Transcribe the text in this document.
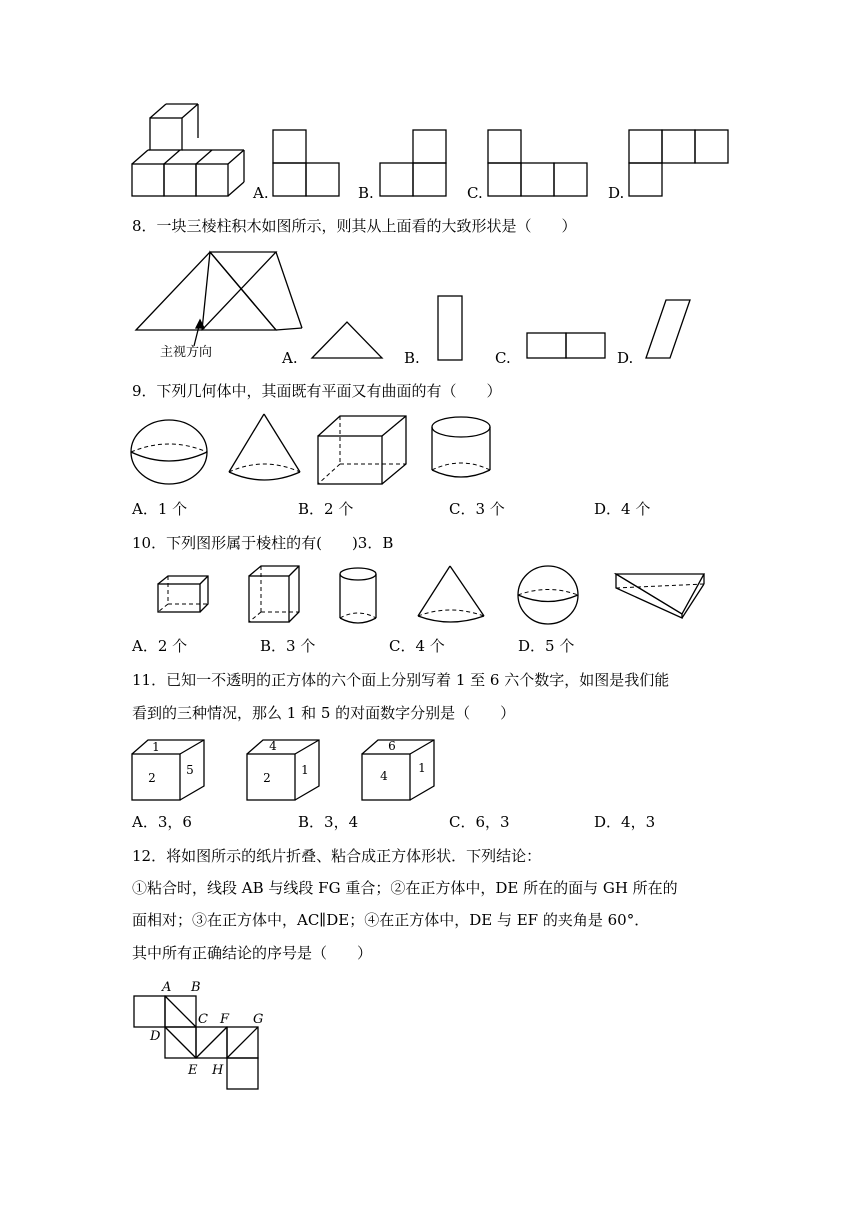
A.	B.	C.	D.
8．一块三棱柱积木如图所示，则其从上面看的大致形状是（　　）
主视方向	A.	B.	C.	D.
9．下列几何体中，其面既有平面又有曲面的有（　　）
A．1 个	B．2 个	C．3 个	D．4 个
10．下列图形属于棱柱的有(　　)3．B
A．2 个	B．3 个	C．4 个	D．5 个
11．已知一不透明的正方体的六个面上分别写着 1 至 6 六个数字，如图是我们能
看到的三种情况，那么 1 和 5 的对面数字分别是（　　）
1
2
5
4
2
1
6
4
1
A．3，6	B．3，4	C．6，3	D．4，3
12．将如图所示的纸片折叠、粘合成正方体形状．下列结论：
①粘合时，线段 AB 与线段 FG 重合；②在正方体中，DE 所在的面与 GH 所在的
面相对；③在正方体中，AC∥DE；④在正方体中，DE 与 EF 的夹角是 60°．
其中所有正确结论的序号是（　　）
A B
C
D
E
F G
H
